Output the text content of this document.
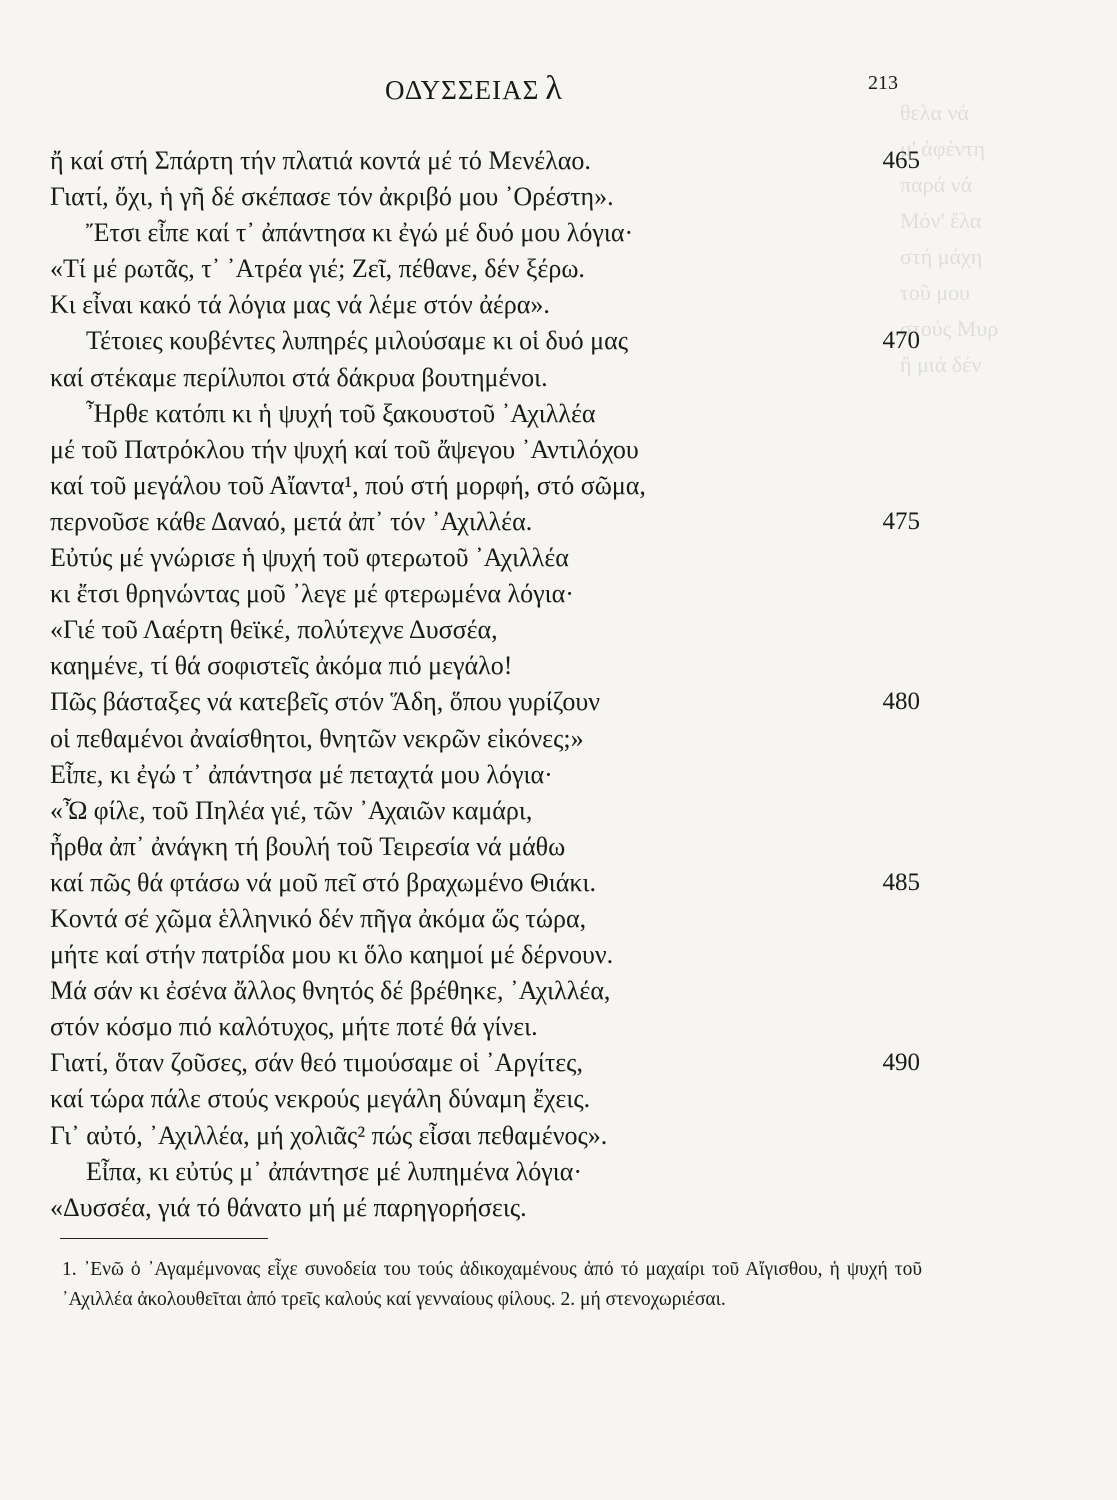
θελα νά
μ' ἀφέντη
παρά νά
Μόν' ἔλα
στή μάχη
τοῦ μου
στούς Μυρ
ἢ μιά δέν
ΟΔΥΣΣΕΙΑΣ λ	213
ἤ καί στή Σπάρτη τήν πλατιά κοντά μέ τό Μενέλαο.	465
Γιατί, ὄχι, ἡ γῆ δέ σκέπασε τόν ἀκριβό μου ᾿Ορέστη».
Ἔτσι εἶπε καί τ᾿ ἀπάντησα κι ἐγώ μέ δυό μου λόγια·
«Τί μέ ρωτᾶς, τ᾿ ᾿Ατρέα γιέ; Ζεῖ, πέθανε, δέν ξέρω.
Κι εἶναι κακό τά λόγια μας νά λέμε στόν ἀέρα».
Τέτοιες κουβέντες λυπηρές μιλούσαμε κι οἱ δυό μας	470
καί στέκαμε περίλυποι στά δάκρυα βουτημένοι.
Ἦρθε κατόπι κι ἡ ψυχή τοῦ ξακουστοῦ ᾿Αχιλλέα
μέ τοῦ Πατρόκλου τήν ψυχή καί τοῦ ἄψεγου ᾿Αντιλόχου
καί τοῦ μεγάλου τοῦ Αἴαντα¹, πού στή μορφή, στό σῶμα,
περνοῦσε κάθε Δαναό, μετά ἀπ᾿ τόν ᾿Αχιλλέα.	475
Εὐτύς μέ γνώρισε ἡ ψυχή τοῦ φτερωτοῦ ᾿Αχιλλέα
κι ἔτσι θρηνώντας μοῦ ᾿λεγε μέ φτερωμένα λόγια·
«Γιέ τοῦ Λαέρτη θεϊκέ, πολύτεχνε Δυσσέα,
καημένε, τί θά σοφιστεῖς ἀκόμα πιό μεγάλο!
Πῶς βάσταξες νά κατεβεῖς στόν Ἅδη, ὅπου γυρίζουν	480
οἱ πεθαμένοι ἀναίσθητοι, θνητῶν νεκρῶν εἰκόνες;»
Εἶπε, κι ἐγώ τ᾿ ἀπάντησα μέ πεταχτά μου λόγια·
«Ὦ φίλε, τοῦ Πηλέα γιέ, τῶν ᾿Αχαιῶν καμάρι,
ἦρθα ἀπ᾿ ἀνάγκη τή βουλή τοῦ Τειρεσία νά μάθω
καί πῶς θά φτάσω νά μοῦ πεῖ στό βραχωμένο Θιάκι.	485
Κοντά σέ χῶμα ἑλληνικό δέν πῆγα ἀκόμα ὥς τώρα,
μήτε καί στήν πατρίδα μου κι ὅλο καημοί μέ δέρνουν.
Μά σάν κι ἐσένα ἄλλος θνητός δέ βρέθηκε, ᾿Αχιλλέα,
στόν κόσμο πιό καλότυχος, μήτε ποτέ θά γίνει.
Γιατί, ὅταν ζοῦσες, σάν θεό τιμούσαμε οἱ ᾿Αργίτες,	490
καί τώρα πάλε στούς νεκρούς μεγάλη δύναμη ἔχεις.
Γι᾿ αὐτό, ᾿Αχιλλέα, μή χολιᾶς² πώς εἶσαι πεθαμένος».
Εἶπα, κι εὐτύς μ᾿ ἀπάντησε μέ λυπημένα λόγια·
«Δυσσέα, γιά τό θάνατο μή μέ παρηγορήσεις.

1. ᾿Ενῶ ὁ ᾿Αγαμέμνονας εἶχε συνοδεία του τούς ἀδικοχαμένους ἀπό τό μαχαίρι τοῦ Αἴγισθου, ἡ ψυχή τοῦ ᾿Αχιλλέα ἀκολουθεῖται ἀπό τρεῖς καλούς καί γενναίους φίλους. 2. μή στενοχωριέσαι.
